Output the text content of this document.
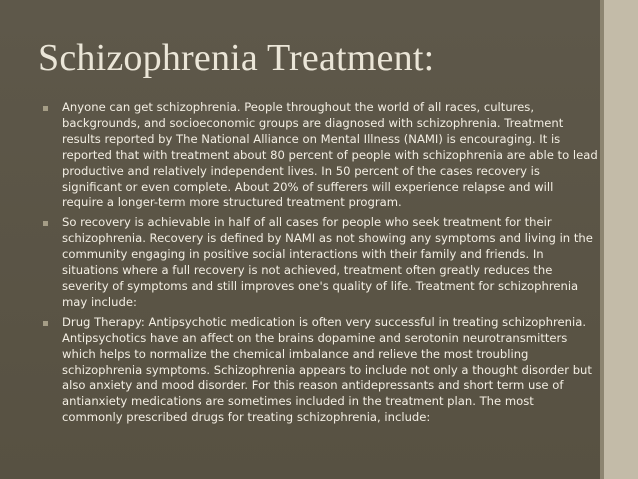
Schizophrenia Treatment:
Anyone can get schizophrenia. People throughout the world of all races, cultures, backgrounds, and socioeconomic groups are diagnosed with schizophrenia. Treatment results reported by The National Alliance on Mental Illness (NAMI) is encouraging. It is reported that with treatment about 80 percent of people with schizophrenia are able to lead productive and relatively independent lives. In 50 percent of the cases recovery is significant or even complete. About 20% of sufferers will experience relapse and will require a longer-term more structured treatment program.
So recovery is achievable in half of all cases for people who seek treatment for their schizophrenia. Recovery is defined by NAMI as not showing any symptoms and living in the community engaging in positive social interactions with their family and friends. In situations where a full recovery is not achieved, treatment often greatly reduces the severity of symptoms and still improves one's quality of life. Treatment for schizophrenia may include:
Drug Therapy: Antipsychotic medication is often very successful in treating schizophrenia. Antipsychotics have an affect on the brains dopamine and serotonin neurotransmitters which helps to normalize the chemical imbalance and relieve the most troubling schizophrenia symptoms. Schizophrenia appears to include not only a thought disorder but also anxiety and mood disorder. For this reason antidepressants and short term use of antianxiety medications are sometimes included in the treatment plan. The most commonly prescribed drugs for treating schizophrenia, include:
